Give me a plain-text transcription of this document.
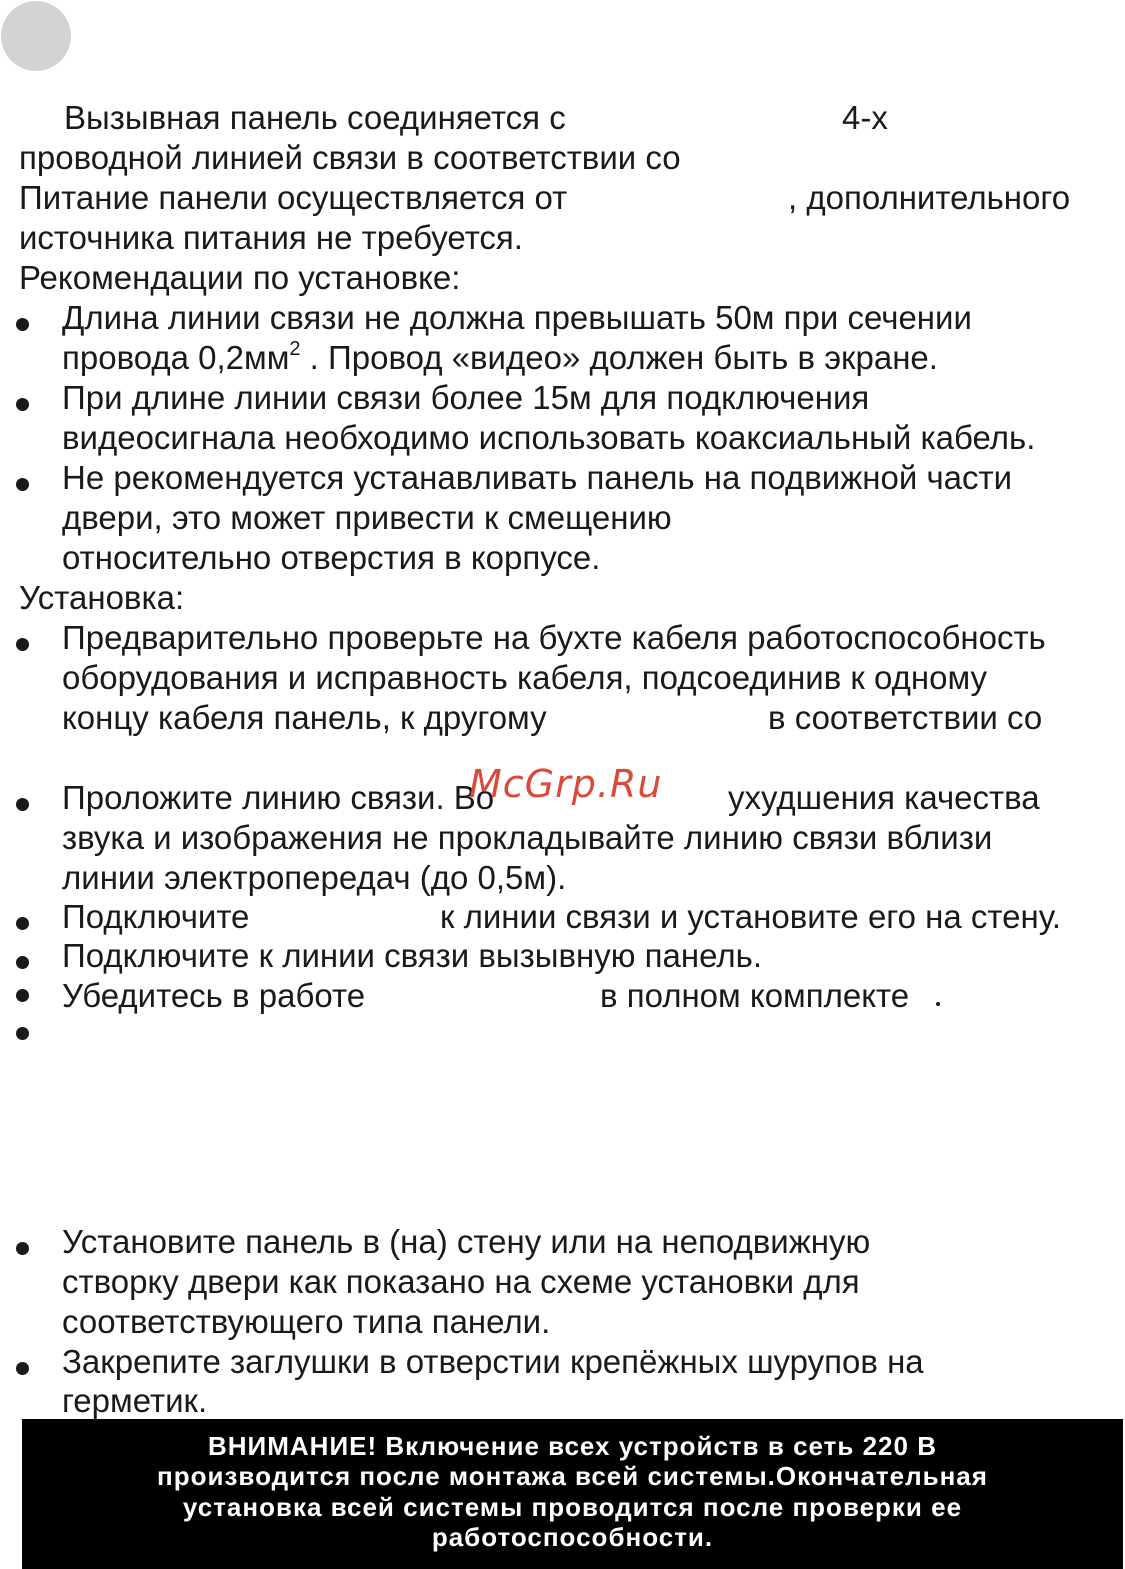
Вызывная панель соединяется с	4-х
проводной линией связи в соответствии со
Питание панели осуществляется от	, дополнительного
источника питания не требуется.
Рекомендации по установке:
Длина линии связи не должна превышать 50м при сечении
провода $0,2мм^2$ . Провод «видео» должен быть в экране.
При длине линии связи более 15м для подключения
видеосигнала необходимо использовать коаксиальный кабель.
Не рекомендуется устанавливать панель на подвижной части
двери, это может привести к смещению
относительно отверстия в корпусе.
Установка:
Предварительно проверьте на бухте кабеля работоспособность
оборудования и исправность кабеля, подсоединив к одному
концу кабеля панель, к другому	в соответствии со
Проложите линию связи. Во	ухудшения качества
звука и изображения не прокладывайте линию связи вблизи
линии электропередач (до 0,5м).
McGrp.Ru
Подключите	к линии связи и установите его на стену.
Подключите к линии связи вызывную панель.
Убедитесь в работе	в полном комплекте
Установите панель в (на) стену или на неподвижную
створку двери как показано на схеме установки для
соответствующего типа панели.
Закрепите заглушки в отверстии крепёжных шурупов на
герметик.
ВНИМАНИЕ! Включение всех устройств в сеть 220 В
производится после монтажа всей системы.Окончательная
установка всей системы проводится после проверки ее
работоспособности.
